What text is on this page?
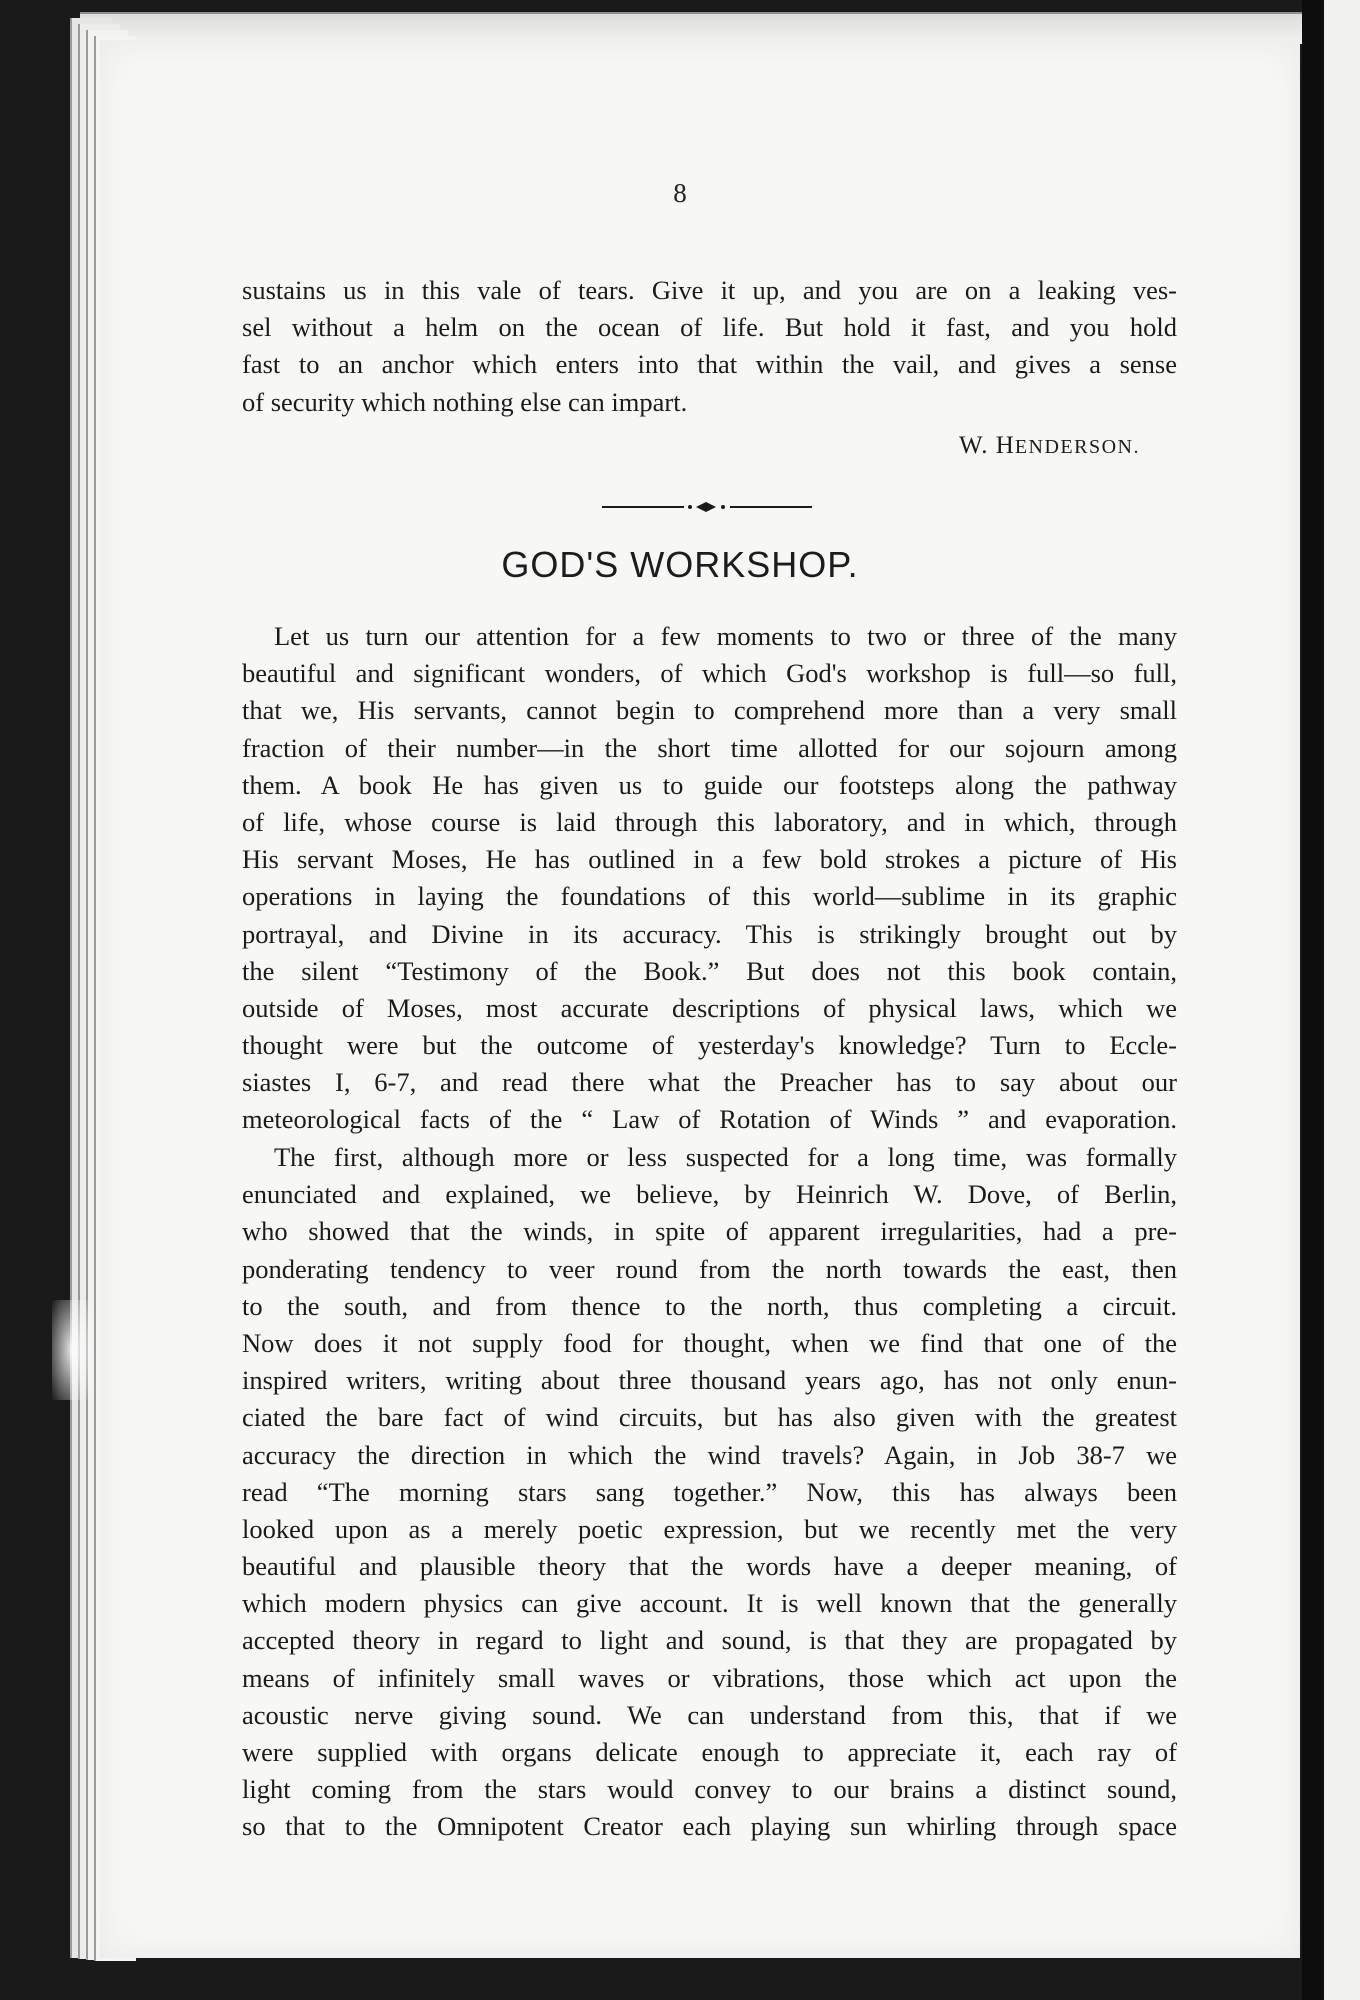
8
sustains us in this vale of tears. Give it up, and you are on a leaking ves-
sel without a helm on the ocean of life. But hold it fast, and you hold
fast to an anchor which enters into that within the vail, and gives a sense
of security which nothing else can impart.
W. HENDERSON.
GOD'S WORKSHOP.
Let us turn our attention for a few moments to two or three of the many
beautiful and significant wonders, of which God's workshop is full—so full,
that we, His servants, cannot begin to comprehend more than a very small
fraction of their number—in the short time allotted for our sojourn among
them. A book He has given us to guide our footsteps along the pathway
of life, whose course is laid through this laboratory, and in which, through
His servant Moses, He has outlined in a few bold strokes a picture of His
operations in laying the foundations of this world—sublime in its graphic
portrayal, and Divine in its accuracy. This is strikingly brought out by
the silent “Testimony of the Book.” But does not this book contain,
outside of Moses, most accurate descriptions of physical laws, which we
thought were but the outcome of yesterday's knowledge? Turn to Eccle-
siastes I, 6-7, and read there what the Preacher has to say about our
meteorological facts of the “ Law of Rotation of Winds ” and evaporation.
The first, although more or less suspected for a long time, was formally
enunciated and explained, we believe, by Heinrich W. Dove, of Berlin,
who showed that the winds, in spite of apparent irregularities, had a pre-
ponderating tendency to veer round from the north towards the east, then
to the south, and from thence to the north, thus completing a circuit.
Now does it not supply food for thought, when we find that one of the
inspired writers, writing about three thousand years ago, has not only enun-
ciated the bare fact of wind circuits, but has also given with the greatest
accuracy the direction in which the wind travels? Again, in Job 38-7 we
read “The morning stars sang together.” Now, this has always been
looked upon as a merely poetic expression, but we recently met the very
beautiful and plausible theory that the words have a deeper meaning, of
which modern physics can give account. It is well known that the generally
accepted theory in regard to light and sound, is that they are propagated by
means of infinitely small waves or vibrations, those which act upon the
acoustic nerve giving sound. We can understand from this, that if we
were supplied with organs delicate enough to appreciate it, each ray of
light coming from the stars would convey to our brains a distinct sound,
so that to the Omnipotent Creator each playing sun whirling through space
